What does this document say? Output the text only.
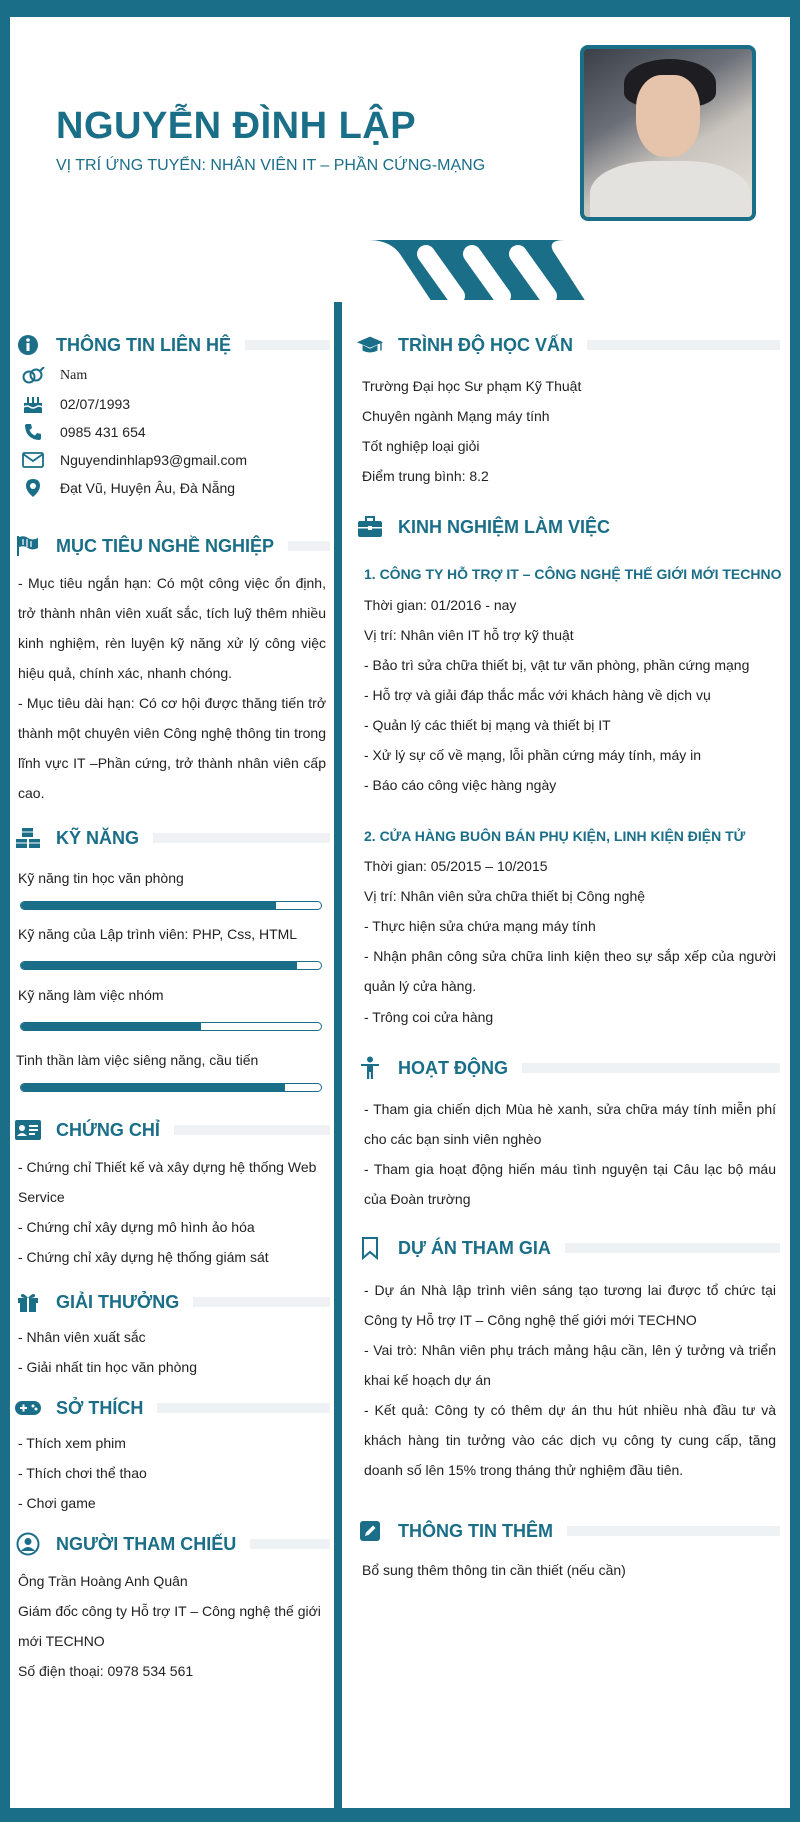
NGUYỄN ĐÌNH LẬP
VỊ TRÍ ỨNG TUYỂN: NHÂN VIÊN IT – PHẦN CỨNG-MẠNG
THÔNG TIN LIÊN HỆ
Nam
02/07/1993
0985 431 654
Nguyendinhlap93@gmail.com
Đạt Vũ, Huyện Âu, Đà Nẵng
MỤC TIÊU NGHỀ NGHIỆP
- Mục tiêu ngắn hạn: Có một công việc ổn định, trở thành nhân viên xuất sắc, tích luỹ thêm nhiều kinh nghiệm, rèn luyện kỹ năng xử lý công việc hiệu quả, chính xác, nhanh chóng.
- Mục tiêu dài hạn: Có cơ hội được thăng tiến trở thành một chuyên viên Công nghệ thông tin trong lĩnh vực IT –Phần cứng, trở thành nhân viên cấp cao.
KỸ NĂNG
Kỹ năng tin học văn phòng
Kỹ năng của Lập trình viên: PHP, Css, HTML
Kỹ năng làm việc nhóm
Tinh thần làm việc siêng năng, cầu tiến
CHỨNG CHỈ
- Chứng chỉ Thiết kế và xây dựng hệ thống Web Service
- Chứng chỉ xây dựng mô hình ảo hóa
- Chứng chỉ xây dựng hệ thống giám sát
GIẢI THƯỞNG
- Nhân viên xuất sắc
- Giải nhất tin học văn phòng
SỞ THÍCH
- Thích xem phim
- Thích chơi thể thao
- Chơi game
NGƯỜI THAM CHIẾU
Ông Trần Hoàng Anh Quân
Giám đốc công ty Hỗ trợ IT – Công nghệ thế giới mới TECHNO
Số điện thoại: 0978 534 561
TRÌNH ĐỘ HỌC VẤN
Trường Đại học Sư phạm Kỹ Thuật
Chuyên ngành Mạng máy tính
Tốt nghiệp loại giỏi
Điểm trung bình: 8.2
KINH NGHIỆM LÀM VIỆC
1. CÔNG TY HỖ TRỢ IT – CÔNG NGHỆ THẾ GIỚI MỚI TECHNO
Thời gian: 01/2016 - nay
Vị trí: Nhân viên IT hỗ trợ kỹ thuật
- Bảo trì sửa chữa thiết bị, vật tư văn phòng, phần cứng mạng
- Hỗ trợ và giải đáp thắc mắc với khách hàng về dịch vụ
- Quản lý các thiết bị mạng và thiết bị IT
- Xử lý sự cố về mạng, lỗi phần cứng máy tính, máy in
- Báo cáo công việc hàng ngày
2. CỬA HÀNG BUÔN BÁN PHỤ KIỆN, LINH KIỆN ĐIỆN TỬ
Thời gian: 05/2015 – 10/2015
Vị trí: Nhân viên sửa chữa thiết bị Công nghệ
- Thực hiện sửa chứa mạng máy tính
- Nhận phân công sửa chữa linh kiện theo sự sắp xếp của người quản lý cửa hàng.
- Trông coi cửa hàng
HOẠT ĐỘNG
- Tham gia chiến dịch Mùa hè xanh, sửa chữa máy tính miễn phí cho các bạn sinh viên nghèo
- Tham gia hoạt động hiến máu tình nguyện tại Câu lạc bộ máu của Đoàn trường
DỰ ÁN THAM GIA
- Dự án Nhà lập trình viên sáng tạo tương lai được tổ chức tại Công ty Hỗ trợ IT – Công nghệ thế giới mới TECHNO
- Vai trò: Nhân viên phụ trách mảng hậu cần, lên ý tưởng và triển khai kế hoạch dự án
- Kết quả: Công ty có thêm dự án thu hút nhiều nhà đầu tư và khách hàng tin tưởng vào các dịch vụ công ty cung cấp, tăng doanh số lên 15% trong tháng thử nghiệm đầu tiên.
THÔNG TIN THÊM
Bổ sung thêm thông tin cần thiết (nếu cần)
